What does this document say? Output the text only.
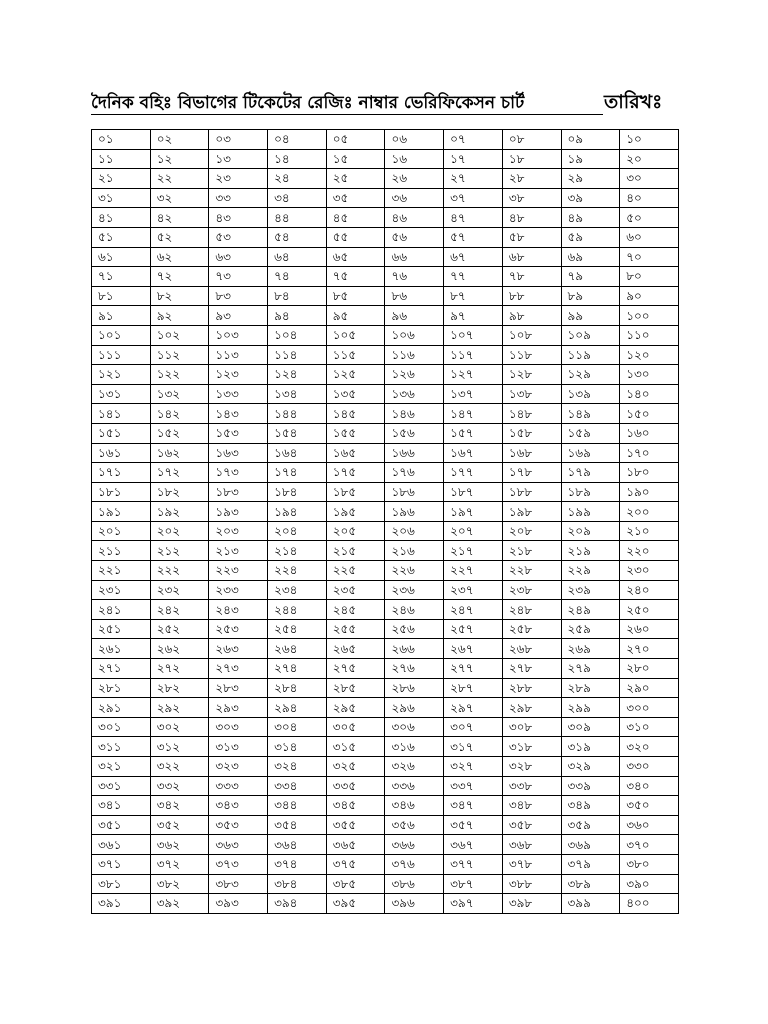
দৈনিক বহিঃ বিভাগের টিকেটের রেজিঃ নাম্বার ভেরিফিকেসন চার্ট	তারিখঃ
০১	০২	০৩	০৪	০৫	০৬	০৭	০৮	০৯	১০
১১	১২	১৩	১৪	১৫	১৬	১৭	১৮	১৯	২০
২১	২২	২৩	২৪	২৫	২৬	২৭	২৮	২৯	৩০
৩১	৩২	৩৩	৩৪	৩৫	৩৬	৩৭	৩৮	৩৯	৪০
৪১	৪২	৪৩	৪৪	৪৫	৪৬	৪৭	৪৮	৪৯	৫০
৫১	৫২	৫৩	৫৪	৫৫	৫৬	৫৭	৫৮	৫৯	৬০
৬১	৬২	৬৩	৬৪	৬৫	৬৬	৬৭	৬৮	৬৯	৭০
৭১	৭২	৭৩	৭৪	৭৫	৭৬	৭৭	৭৮	৭৯	৮০
৮১	৮২	৮৩	৮৪	৮৫	৮৬	৮৭	৮৮	৮৯	৯০
৯১	৯২	৯৩	৯৪	৯৫	৯৬	৯৭	৯৮	৯৯	১০০
১০১	১০২	১০৩	১০৪	১০৫	১০৬	১০৭	১০৮	১০৯	১১০
১১১	১১২	১১৩	১১৪	১১৫	১১৬	১১৭	১১৮	১১৯	১২০
১২১	১২২	১২৩	১২৪	১২৫	১২৬	১২৭	১২৮	১২৯	১৩০
১৩১	১৩২	১৩৩	১৩৪	১৩৫	১৩৬	১৩৭	১৩৮	১৩৯	১৪০
১৪১	১৪২	১৪৩	১৪৪	১৪৫	১৪৬	১৪৭	১৪৮	১৪৯	১৫০
১৫১	১৫২	১৫৩	১৫৪	১৫৫	১৫৬	১৫৭	১৫৮	১৫৯	১৬০
১৬১	১৬২	১৬৩	১৬৪	১৬৫	১৬৬	১৬৭	১৬৮	১৬৯	১৭০
১৭১	১৭২	১৭৩	১৭৪	১৭৫	১৭৬	১৭৭	১৭৮	১৭৯	১৮০
১৮১	১৮২	১৮৩	১৮৪	১৮৫	১৮৬	১৮৭	১৮৮	১৮৯	১৯০
১৯১	১৯২	১৯৩	১৯৪	১৯৫	১৯৬	১৯৭	১৯৮	১৯৯	২০০
২০১	২০২	২০৩	২০৪	২০৫	২০৬	২০৭	২০৮	২০৯	২১০
২১১	২১২	২১৩	২১৪	২১৫	২১৬	২১৭	২১৮	২১৯	২২০
২২১	২২২	২২৩	২২৪	২২৫	২২৬	২২৭	২২৮	২২৯	২৩০
২৩১	২৩২	২৩৩	২৩৪	২৩৫	২৩৬	২৩৭	২৩৮	২৩৯	২৪০
২৪১	২৪২	২৪৩	২৪৪	২৪৫	২৪৬	২৪৭	২৪৮	২৪৯	২৫০
২৫১	২৫২	২৫৩	২৫৪	২৫৫	২৫৬	২৫৭	২৫৮	২৫৯	২৬০
২৬১	২৬২	২৬৩	২৬৪	২৬৫	২৬৬	২৬৭	২৬৮	২৬৯	২৭০
২৭১	২৭২	২৭৩	২৭৪	২৭৫	২৭৬	২৭৭	২৭৮	২৭৯	২৮০
২৮১	২৮২	২৮৩	২৮৪	২৮৫	২৮৬	২৮৭	২৮৮	২৮৯	২৯০
২৯১	২৯২	২৯৩	২৯৪	২৯৫	২৯৬	২৯৭	২৯৮	২৯৯	৩০০
৩০১	৩০২	৩০৩	৩০৪	৩০৫	৩০৬	৩০৭	৩০৮	৩০৯	৩১০
৩১১	৩১২	৩১৩	৩১৪	৩১৫	৩১৬	৩১৭	৩১৮	৩১৯	৩২০
৩২১	৩২২	৩২৩	৩২৪	৩২৫	৩২৬	৩২৭	৩২৮	৩২৯	৩৩০
৩৩১	৩৩২	৩৩৩	৩৩৪	৩৩৫	৩৩৬	৩৩৭	৩৩৮	৩৩৯	৩৪০
৩৪১	৩৪২	৩৪৩	৩৪৪	৩৪৫	৩৪৬	৩৪৭	৩৪৮	৩৪৯	৩৫০
৩৫১	৩৫২	৩৫৩	৩৫৪	৩৫৫	৩৫৬	৩৫৭	৩৫৮	৩৫৯	৩৬০
৩৬১	৩৬২	৩৬৩	৩৬৪	৩৬৫	৩৬৬	৩৬৭	৩৬৮	৩৬৯	৩৭০
৩৭১	৩৭২	৩৭৩	৩৭৪	৩৭৫	৩৭৬	৩৭৭	৩৭৮	৩৭৯	৩৮০
৩৮১	৩৮২	৩৮৩	৩৮৪	৩৮৫	৩৮৬	৩৮৭	৩৮৮	৩৮৯	৩৯০
৩৯১	৩৯২	৩৯৩	৩৯৪	৩৯৫	৩৯৬	৩৯৭	৩৯৮	৩৯৯	৪০০
